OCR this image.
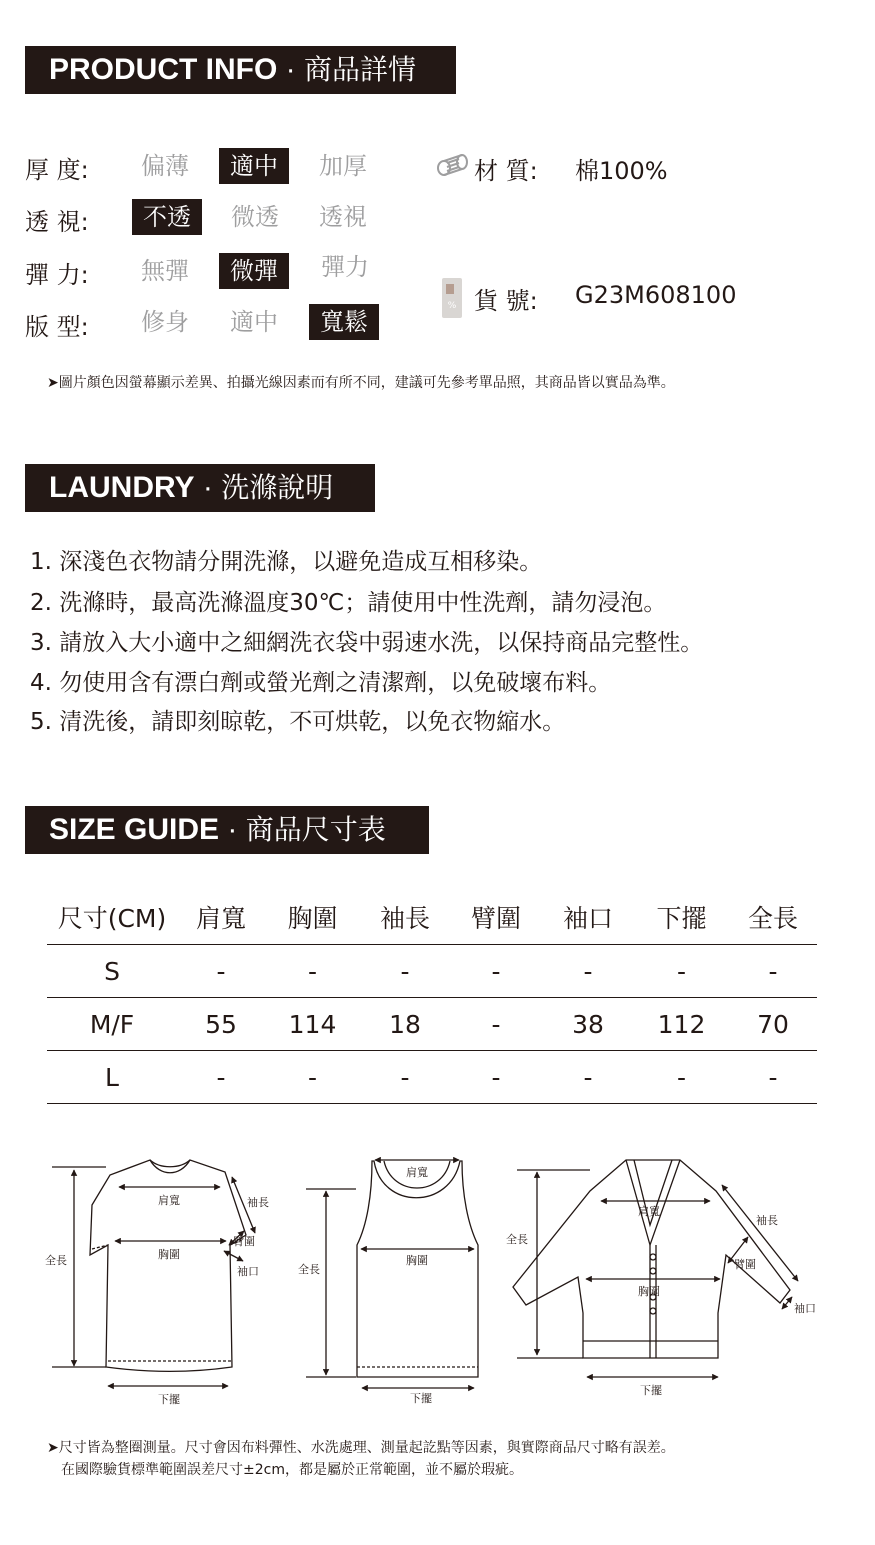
PRODUCT INFO · 商品詳情
厚 度:	偏薄	適中	加厚
透 視:	不透	微透	透視
彈 力:	無彈	微彈	彈力
版 型:	修身	適中	寬鬆
材 質: 棉100%
% 貨 號: G23M608100
➤圖片顏色因螢幕顯示差異、拍攝光線因素而有所不同，建議可先參考單品照，其商品皆以實品為準。
LAUNDRY · 洗滌說明
1. 深淺色衣物請分開洗滌，以避免造成互相移染。
2. 洗滌時，最高洗滌溫度30℃；請使用中性洗劑，請勿浸泡。
3. 請放入大小適中之細網洗衣袋中弱速水洗，以保持商品完整性。
4. 勿使用含有漂白劑或螢光劑之清潔劑，以免破壞布料。
5. 清洗後，請即刻晾乾，不可烘乾，以免衣物縮水。
SIZE GUIDE · 商品尺寸表
尺寸(CM)	肩寬	胸圍	袖長	臂圍	袖口	下擺	全長
S	-	-	-	-	-	-	-
M/F	55	114	18	-	38	112	70
L	-	-	-	-	-	-	-
肩寬	袖長
臂圍
胸圍
袖口
全長
下擺
肩寬
胸圍
全長
下擺
全長
肩寬
袖長
臂圍
胸圍
袖口
下擺
➤尺寸皆為整圈測量。尺寸會因布料彈性、水洗處理、測量起訖點等因素，與實際商品尺寸略有誤差。
在國際驗貨標準範圍誤差尺寸±2cm，都是屬於正常範圍，並不屬於瑕疵。
